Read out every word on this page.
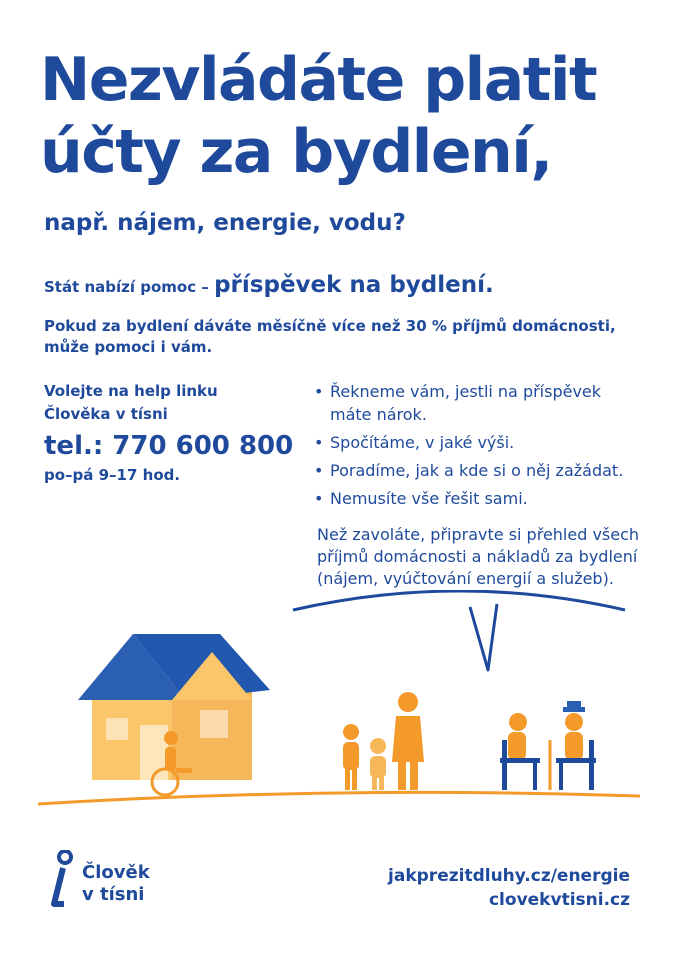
Nezvládáte platit
účty za bydlení,
např. nájem, energie, vodu?
Stát nabízí pomoc – příspěvek na bydlení.
Pokud za bydlení dáváte měsíčně více než 30 % příjmů domácnosti,
může pomoci i vám.
Volejte na help linku
Člověka v tísni
tel.: 770 600 800
po–pá 9–17 hod.
• Řekneme vám, jestli na příspěvek máte nárok.
• Spočítáme, v jaké výši.
• Poradíme, jak a kde si o něj zažádat.
• Nemusíte vše řešit sami.
Než zavoláte, připravte si přehled všech příjmů domácnosti a nákladů za bydlení (nájem, vyúčtování energií a služeb).
Člověk
v tísni
jakprezitdluhy.cz/energie
clovekvtisni.cz
